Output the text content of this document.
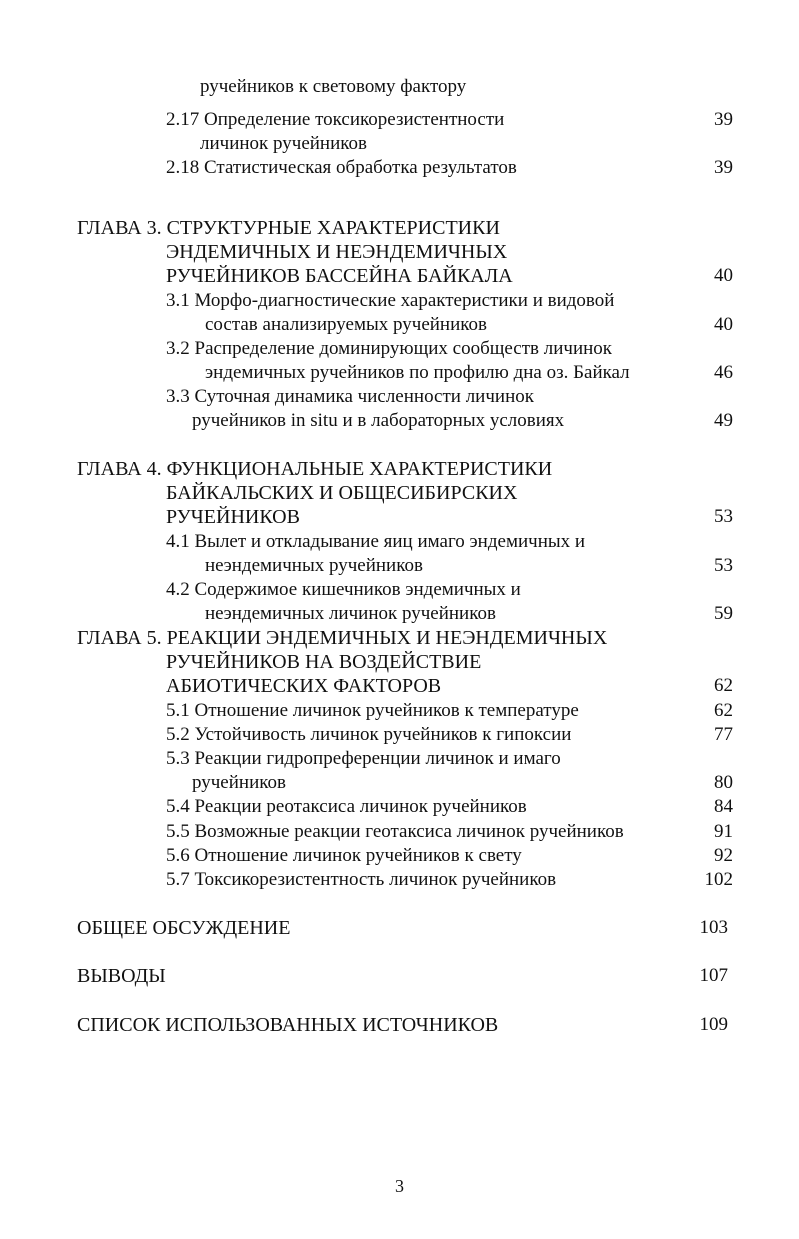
ручейников к световому фактору
2.17 Определение токсикорезистентности	39
личинок ручейников
2.18 Статистическая обработка результатов	39
ГЛАВА 3. СТРУКТУРНЫЕ ХАРАКТЕРИСТИКИ
ЭНДЕМИЧНЫХ И НЕЭНДЕМИЧНЫХ
РУЧЕЙНИКОВ БАССЕЙНА БАЙКАЛА	40
3.1 Морфо-диагностические характеристики и видовой
состав анализируемых ручейников	40
3.2 Распределение доминирующих сообществ личинок
эндемичных ручейников по профилю дна оз. Байкал	46
3.3 Суточная динамика численности личинок
ручейников in situ и в лабораторных условиях	49
ГЛАВА 4. ФУНКЦИОНАЛЬНЫЕ ХАРАКТЕРИСТИКИ
БАЙКАЛЬСКИХ И ОБЩЕСИБИРСКИХ
РУЧЕЙНИКОВ	53
4.1 Вылет и откладывание яиц имаго эндемичных и
неэндемичных ручейников	53
4.2 Содержимое кишечников эндемичных и
неэндемичных личинок ручейников	59
ГЛАВА 5. РЕАКЦИИ ЭНДЕМИЧНЫХ И НЕЭНДЕМИЧНЫХ
РУЧЕЙНИКОВ НА ВОЗДЕЙСТВИЕ
АБИОТИЧЕСКИХ ФАКТОРОВ	62
5.1 Отношение личинок ручейников к температуре	62
5.2 Устойчивость личинок ручейников к гипоксии	77
5.3 Реакции гидропреференции личинок и имаго
ручейников	80
5.4 Реакции реотаксиса личинок ручейников	84
5.5 Возможные реакции геотаксиса личинок ручейников	91
5.6 Отношение личинок ручейников к свету	92
5.7 Токсикорезистентность личинок ручейников	102
ОБЩЕЕ ОБСУЖДЕНИЕ	103
ВЫВОДЫ	107
СПИСОК ИСПОЛЬЗОВАННЫХ ИСТОЧНИКОВ	109
3
